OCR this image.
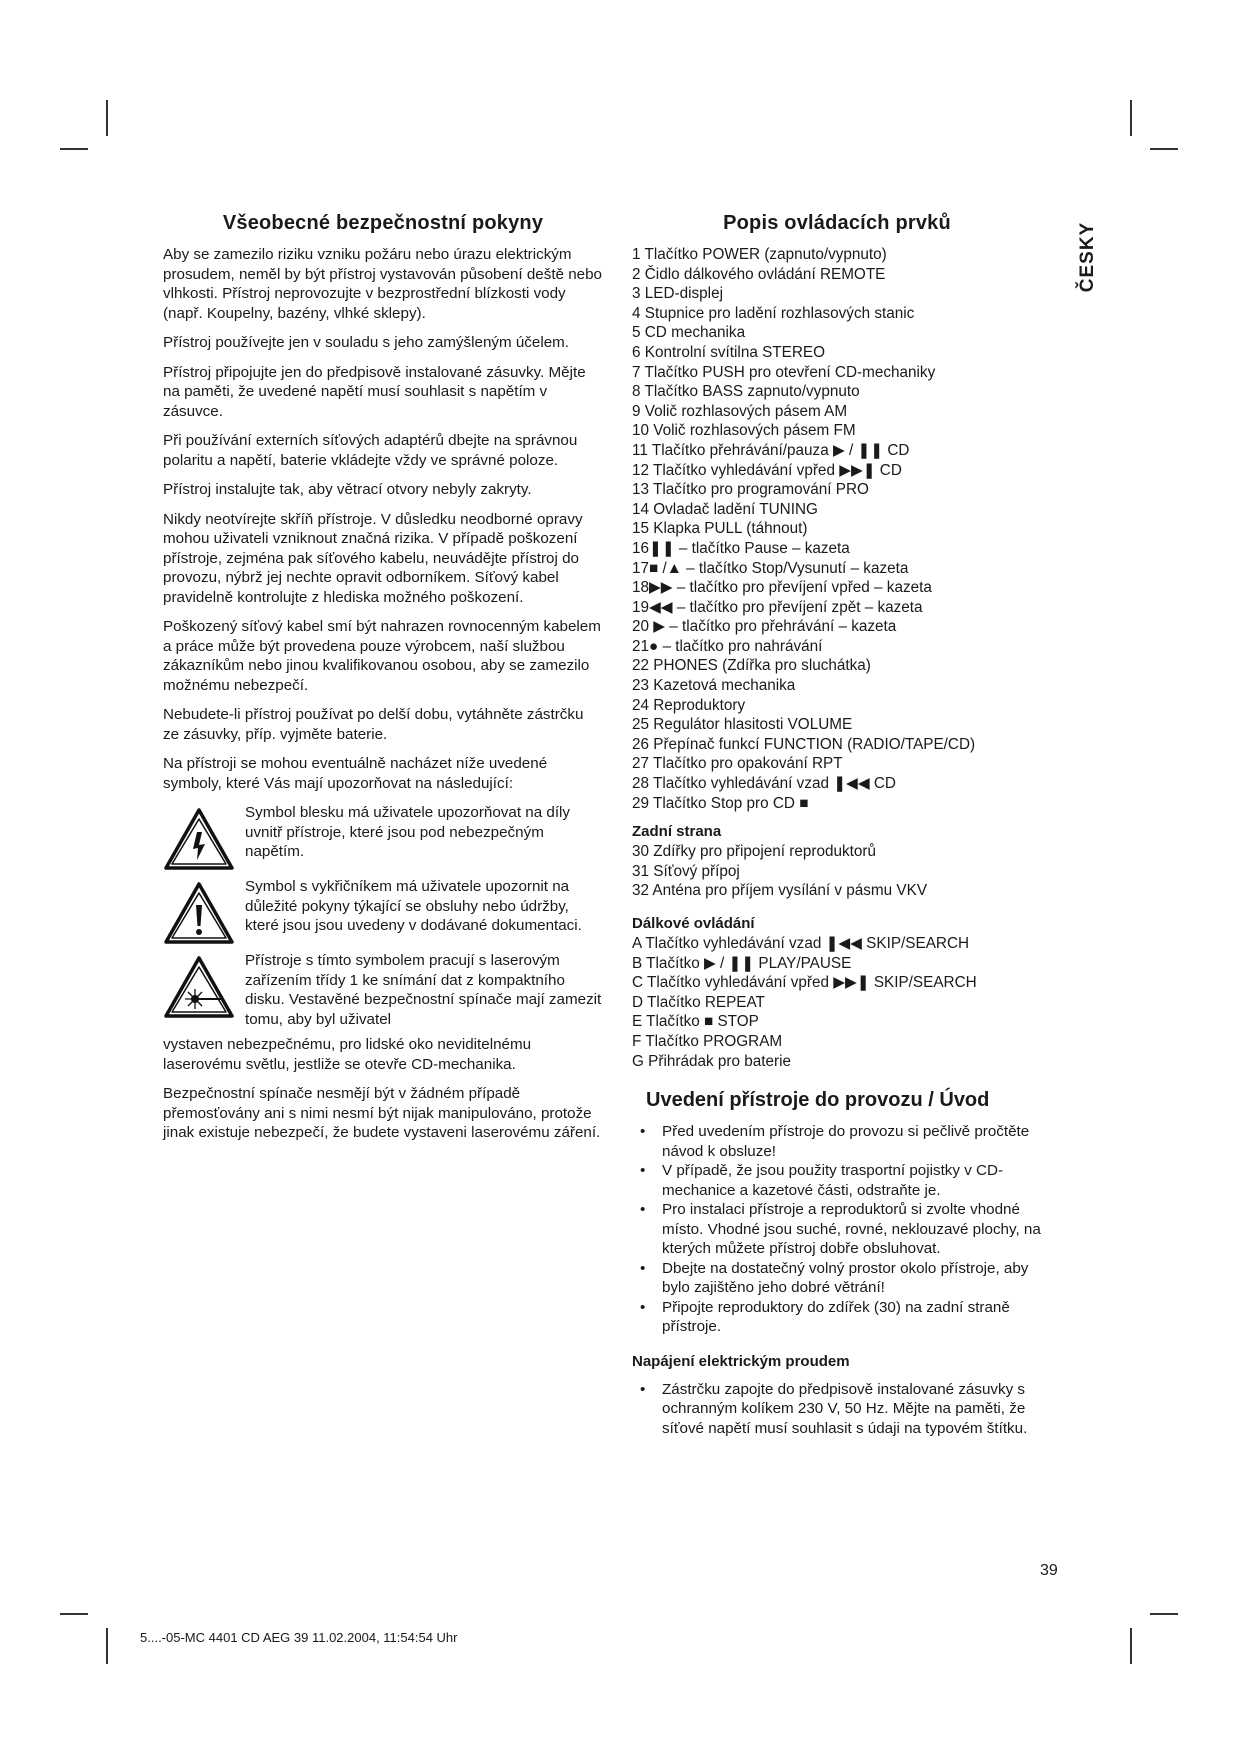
ČESKY
Všeobecné bezpečnostní pokyny

Aby se zamezilo riziku vzniku požáru nebo úrazu elektrickým prosudem, neměl by být přístroj vystavován působení deště nebo vlhkosti. Přístroj neprovozujte v bezprostřední blízkosti vody (např. Koupelny, bazény, vlhké sklepy).

Přístroj používejte jen v souladu s jeho zamýšleným účelem.

Přístroj připojujte jen do předpisově instalované zásuvky. Mějte na paměti, že uvedené napětí musí souhlasit s napětím v zásuvce.

Při používání externích síťových adaptérů dbejte na správnou polaritu a napětí, baterie vkládejte vždy ve správné poloze.

Přístroj instalujte tak, aby větrací otvory nebyly zakryty.

Nikdy neotvírejte skříň přístroje. V důsledku neodborné opravy mohou uživateli vzniknout značná rizika. V případě poškození přístroje, zejména pak síťového kabelu, neuvádějte přístroj do provozu, nýbrž jej nechte opravit odborníkem. Síťový kabel pravidelně kontrolujte z hlediska možného poškození.

Poškozený síťový kabel smí být nahrazen rovnocenným kabelem a práce může být provedena pouze výrobcem, naší službou zákazníkům nebo jinou kvalifikovanou osobou, aby se zamezilo možnému nebezpečí.

Nebudete-li přístroj používat po delší dobu, vytáhněte zástrčku ze zásuvky, příp. vyjměte baterie.

Na přístroji se mohou eventuálně nacházet níže uvedené symboly, které Vás mají upozorňovat na následující:

Symbol blesku má uživatele upozorňovat na díly uvnitř přístroje, které jsou pod nebezpečným napětím.
Symbol s vykřičníkem má uživatele upozornit na důležité pokyny týkající se obsluhy nebo údržby, které jsou jsou uvedeny v dodávané dokumentaci.
Přístroje s tímto symbolem pracují s laserovým zařízením třídy 1 ke snímání dat z kompaktního disku. Vestavěné bezpečnostní spínače mají zamezit tomu, aby byl uživatel

vystaven nebezpečnému, pro lidské oko neviditelnému laserovému světlu, jestliže se otevře CD-mechanika.

Bezpečnostní spínače nesmějí být v žádném případě přemosťovány ani s nimi nesmí být nijak manipulováno, protože jinak existuje nebezpečí, že budete vystaveni laserovému záření.

Popis ovládacích prvků
1 Tlačítko POWER (zapnuto/vypnuto)
2 Čidlo dálkového ovládání REMOTE
3 LED-displej
4 Stupnice pro ladění rozhlasových stanic
5 CD mechanika
6 Kontrolní svítilna STEREO
7 Tlačítko PUSH pro otevření CD-mechaniky
8 Tlačítko BASS zapnuto/vypnuto
9 Volič rozhlasových pásem AM
10 Volič rozhlasových pásem FM
11 Tlačítko přehrávání/pauza ▶ / ❚❚ CD
12 Tlačítko vyhledávání vpřed ▶▶❚ CD
13 Tlačítko pro programování PRO
14 Ovladač ladění TUNING
15 Klapka PULL (táhnout)
16❚❚ – tlačítko Pause – kazeta
17■ /▲ – tlačítko Stop/Vysunutí – kazeta
18▶▶ – tlačítko pro převíjení vpřed – kazeta
19◀◀ – tlačítko pro převíjení zpět – kazeta
20 ▶ – tlačítko pro přehrávání – kazeta
21● – tlačítko pro nahrávání
22 PHONES (Zdířka pro sluchátka)
23 Kazetová mechanika
24 Reproduktory
25 Regulátor hlasitosti VOLUME
26 Přepínač funkcí FUNCTION (RADIO/TAPE/CD)
27 Tlačítko pro opakování RPT
28 Tlačítko vyhledávání vzad ❚◀◀ CD
29 Tlačítko Stop pro CD ■
Zadní strana
30 Zdířky pro připojení reproduktorů
31 Síťový přípoj
32 Anténa pro příjem vysílání v pásmu VKV
Dálkové ovládání
A Tlačítko vyhledávání vzad ❚◀◀ SKIP/SEARCH
B Tlačítko ▶ / ❚❚ PLAY/PAUSE
C Tlačítko vyhledávání vpřed ▶▶❚ SKIP/SEARCH
D Tlačítko REPEAT
E Tlačítko ■ STOP
F Tlačítko PROGRAM
G Přihrádak pro baterie
Uvedení přístroje do provozu / Úvod
• Před uvedením přístroje do provozu si pečlivě pročtěte návod k obsluze!
• V případě, že jsou použity trasportní pojistky v CD-mechanice a kazetové části, odstraňte je.
• Pro instalaci přístroje a reproduktorů si zvolte vhodné místo. Vhodné jsou suché, rovné, neklouzavé plochy, na kterých můžete přístroj dobře obsluhovat.
• Dbejte na dostatečný volný prostor okolo přístroje, aby bylo zajištěno jeho dobré větrání!
• Připojte reproduktory do zdířek (30) na zadní straně přístroje.
Napájení elektrickým proudem
• Zástrčku zapojte do předpisově instalované zásuvky s ochranným kolíkem 230 V, 50 Hz. Mějte na paměti, že síťové napětí musí souhlasit s údaji na typovém štítku.
39
5....-05-MC 4401 CD AEG 39 11.02.2004, 11:54:54 Uhr
